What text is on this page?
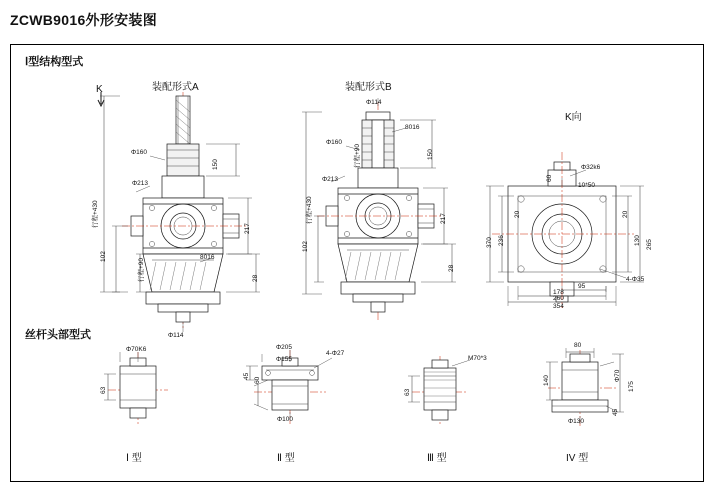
ZCWB9016外形安装图
Ⅰ型结构型式
丝杆头部型式
装配形式A	装配形式B
K向
K
Φ213
Φ160
150
217
102
28
行程+430
行程+90
8016
Φ114
Φ114
8016
行程+90
Φ160
150
Φ213
217
102
28
行程+430
Φ32k6
10*50
60
370 236
20	20
130 265
95
178
260
354
4-Φ35
Φ70K6
63
Φ205
4-Φ27
Φ155
Φ100
60
45
M70*3
63
80
Φ70
140
175
Φ130
45
Ⅰ 型	Ⅱ 型	Ⅲ 型	IV 型
